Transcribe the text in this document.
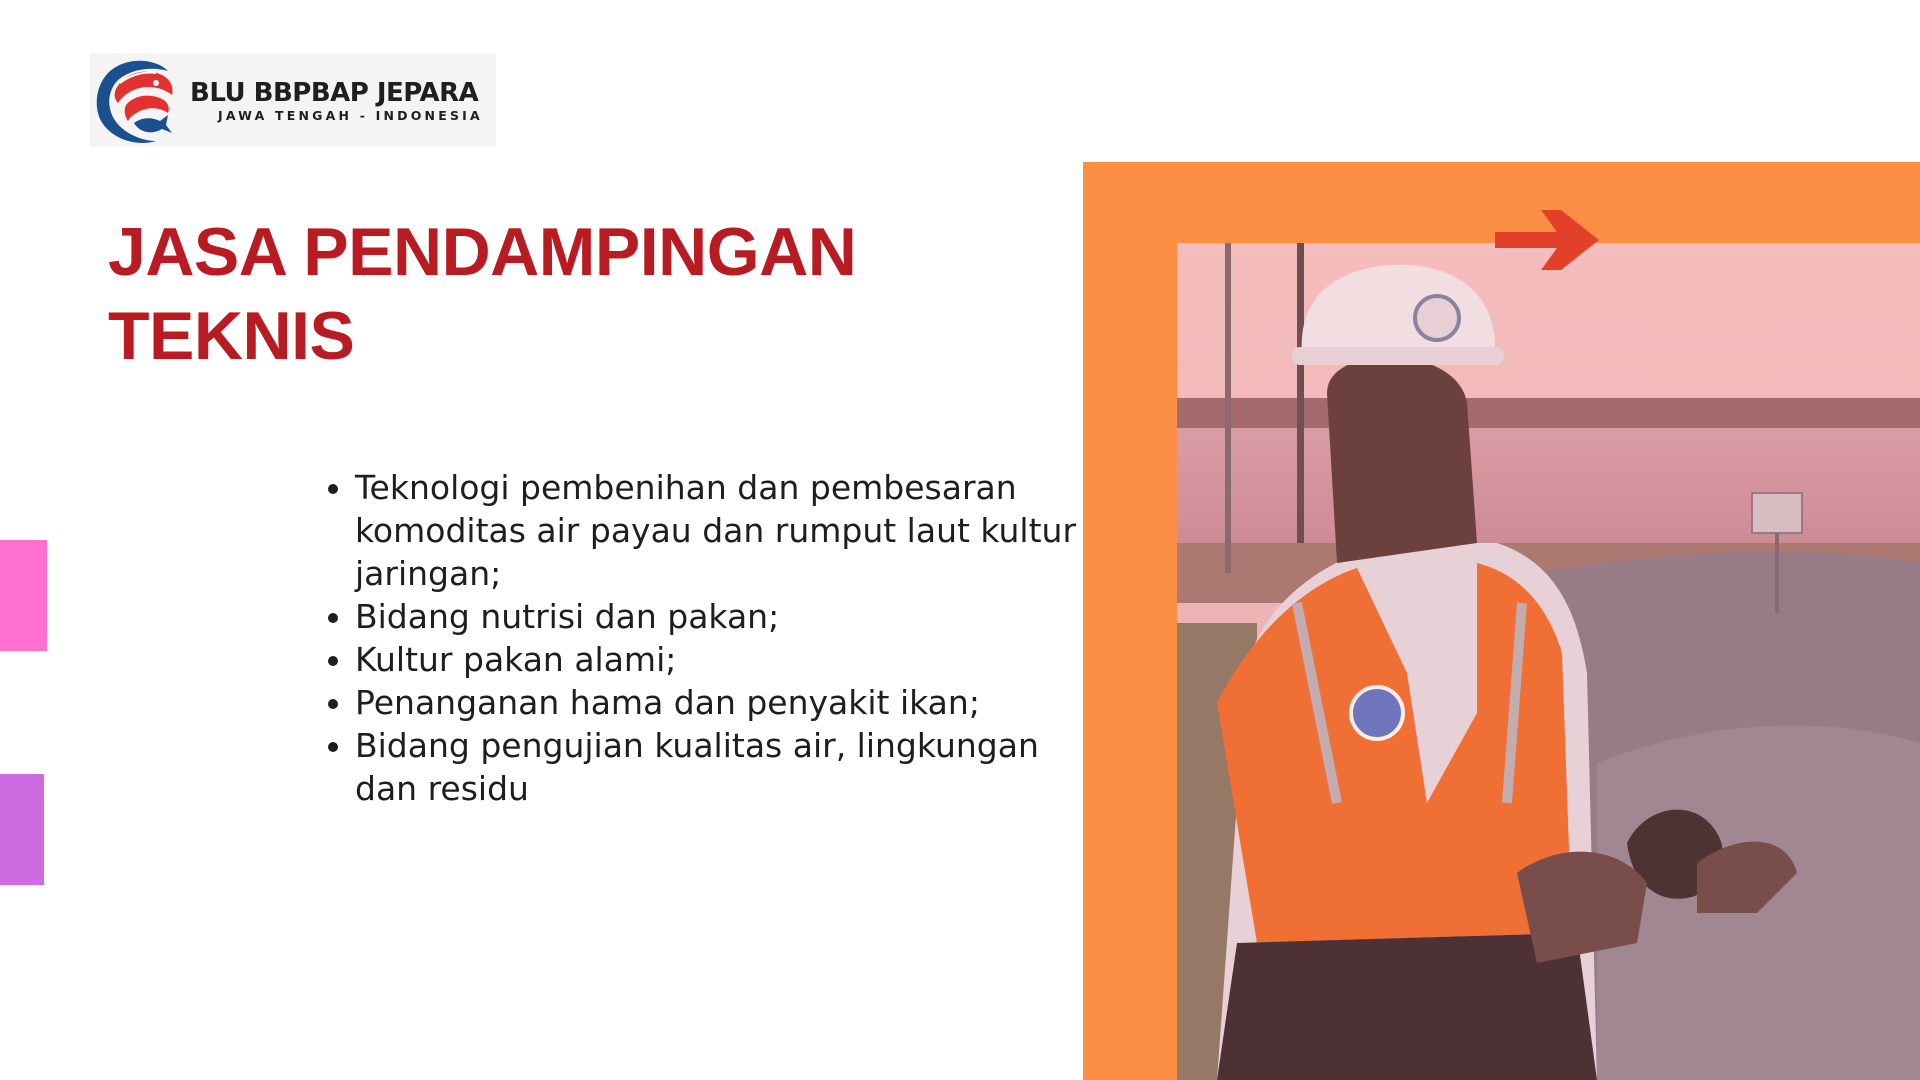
BLU BBPBAP JEPARA
JAWA TENGAH - INDONESIA
JASA PENDAMPINGAN
TEKNIS
• Teknologi pembenihan dan pembesaran komoditas air payau dan rumput laut kultur jaringan;
• Bidang nutrisi dan pakan;
• Kultur pakan alami;
• Penanganan hama dan penyakit ikan;
• Bidang pengujian kualitas air, lingkungan dan residu
